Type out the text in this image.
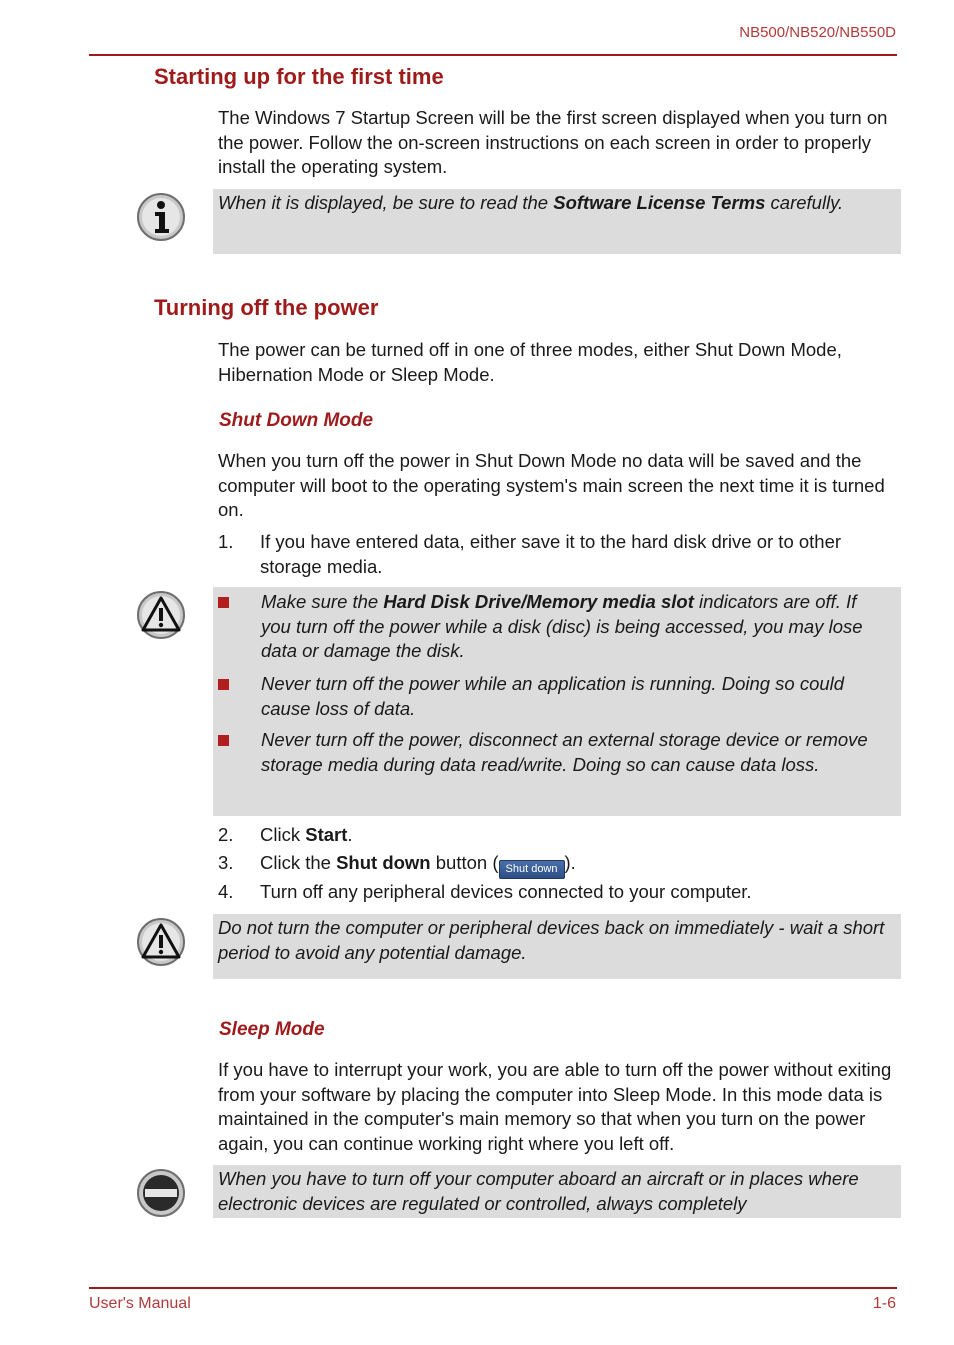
NB500/NB520/NB550D
Starting up for the first time
The Windows 7 Startup Screen will be the first screen displayed when you turn on the power. Follow the on-screen instructions on each screen in order to properly install the operating system.
When it is displayed, be sure to read the Software License Terms carefully.
Turning off the power
The power can be turned off in one of three modes, either Shut Down Mode, Hibernation Mode or Sleep Mode.
Shut Down Mode
When you turn off the power in Shut Down Mode no data will be saved and the computer will boot to the operating system's main screen the next time it is turned on.
1. If you have entered data, either save it to the hard disk drive or to other storage media.
Make sure the Hard Disk Drive/Memory media slot indicators are off. If you turn off the power while a disk (disc) is being accessed, you may lose data or damage the disk.
Never turn off the power while an application is running. Doing so could cause loss of data.
Never turn off the power, disconnect an external storage device or remove storage media during data read/write. Doing so can cause data loss.
2. Click Start.
3. Click the Shut down button ( Shut down ).
4. Turn off any peripheral devices connected to your computer.
Do not turn the computer or peripheral devices back on immediately - wait a short period to avoid any potential damage.
Sleep Mode
If you have to interrupt your work, you are able to turn off the power without exiting from your software by placing the computer into Sleep Mode. In this mode data is maintained in the computer's main memory so that when you turn on the power again, you can continue working right where you left off.
When you have to turn off your computer aboard an aircraft or in places where electronic devices are regulated or controlled, always completely
User's Manual	1-6
